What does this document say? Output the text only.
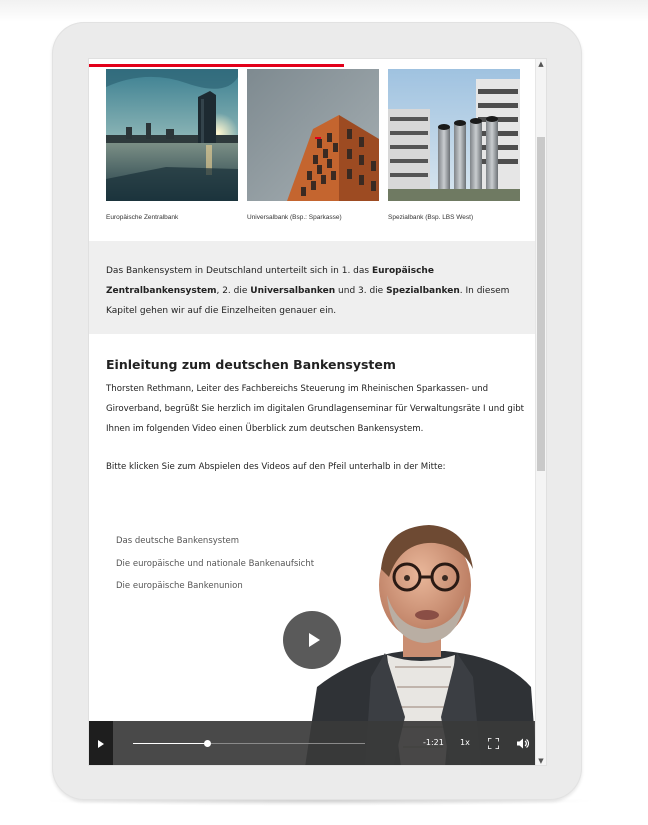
Europäische Zentralbank	Universalbank (Bsp.: Sparkasse)	Spezialbank (Bsp. LBS West)

Das Bankensystem in Deutschland unterteilt sich in 1. das Europäische Zentralbankensystem, 2. die Universalbanken und 3. die Spezialbanken. In diesem Kapitel gehen wir auf die Einzelheiten genauer ein.

Einleitung zum deutschen Bankensystem

Thorsten Rethmann, Leiter des Fachbereichs Steuerung im Rheinischen Sparkassen- und Giroverband, begrüßt Sie herzlich im digitalen Grundlagenseminar für Verwaltungsräte I und gibt Ihnen im folgenden Video einen Überblick zum deutschen Bankensystem.

Bitte klicken Sie zum Abspielen des Videos auf den Pfeil unterhalb in der Mitte:

Das deutsche Bankensystem
Die europäische und nationale Bankenaufsicht
Die europäische Bankenunion
-1:21 1x
▲
▼
